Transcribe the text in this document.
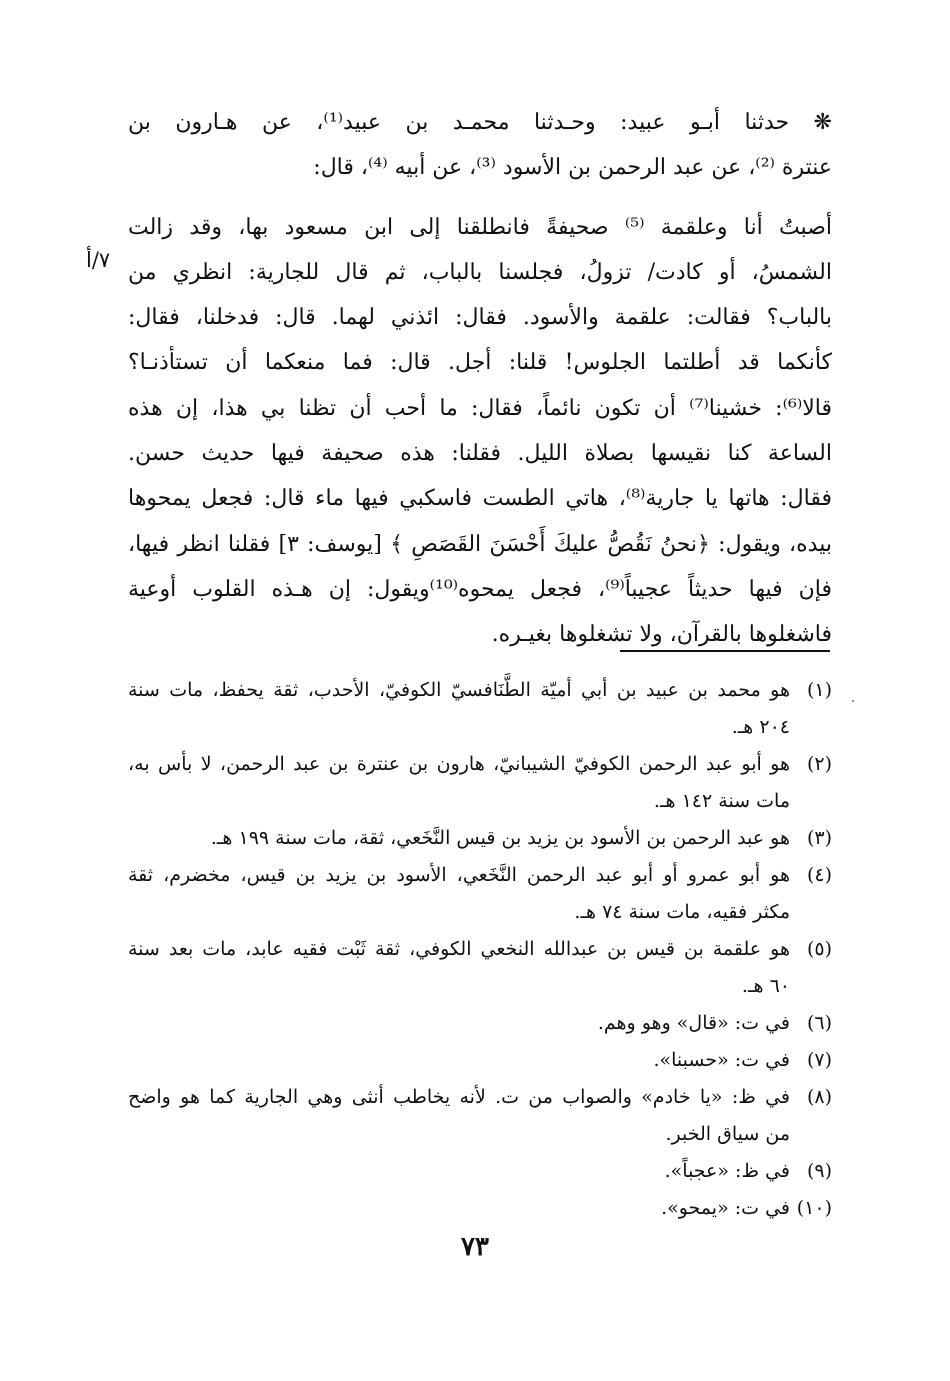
❋ حدثنا أبـو عبيد: وحـدثنا محمـد بن عبيد⁽¹⁾، عن هـارون بن
عنترة ⁽²⁾، عن عبد الرحمن بن الأسود ⁽³⁾، عن أبيه ⁽⁴⁾، قال:
أصبتُ أنا وعلقمة ⁽⁵⁾ صحيفةً فانطلقنا إلى ابن مسعود بها، وقد زالت
الشمسُ، أو كادت/ تزولُ، فجلسنا بالباب، ثم قال للجارية: انظري من
بالباب؟ فقالت: علقمة والأسود. فقال: ائذني لهما. قال: فدخلنا، فقال:
كأنكما قد أطلتما الجلوس! قلنا: أجل. قال: فما منعكما أن تستأذنـا؟
قالا⁽⁶⁾: خشينا⁽⁷⁾ أن تكون نائماً، فقال: ما أحب أن تظنا بي هذا، إن هذه
الساعة كنا نقيسها بصلاة الليل. فقلنا: هذه صحيفة فيها حديث حسن.
فقال: هاتها يا جارية⁽⁸⁾، هاتي الطست فاسكبي فيها ماء قال: فجعل يمحوها
بيده، ويقول: ﴿نحنُ نَقُصُّ عليكَ أَحْسَنَ القَصَصِ ﴾ [يوسف: ٣] فقلنا انظر فيها،
فإن فيها حديثاً عجيباً⁽⁹⁾، فجعل يمحوه⁽¹⁰⁾ويقول: إن هـذه القلوب أوعية
فاشغلوها بالقرآن، ولا تشغلوها بغيـره.
٧/أ
(١)
هو محمد بن عبيد بن أبي أميّة الطَّنَافسيّ الكوفيّ، الأحدب، ثقة يحفظ، مات سنة
٢٠٤ هـ.
(٢)
هو أبو عبد الرحمن الكوفيّ الشيبانيّ، هارون بن عنترة بن عبد الرحمن، لا بأس به،
مات سنة ١٤٢ هـ.
(٣)
هو عبد الرحمن بن الأسود بن يزيد بن قيس النَّخَعي، ثقة، مات سنة ١٩٩ هـ.
(٤)
هو أبو عمرو أو أبو عبد الرحمن النَّخَعي، الأسود بن يزيد بن قيس، مخضرم، ثقة
مكثر فقيه، مات سنة ٧٤ هـ.
(٥)
هو علقمة بن قيس بن عبدالله النخعي الكوفي، ثقة ثَبْت فقيه عابد، مات بعد سنة
٦٠ هـ.
(٦)
في ت: «قال» وهو وهم.
(٧)
في ت: «حسبنا».
(٨)
في ظ: «يا خادم» والصواب من ت. لأنه يخاطب أنثى وهي الجارية كما هو واضح
من سياق الخبر.
(٩)
في ظ: «عجباً».
(١٠)
في ت: «يمحو».
٧٣
